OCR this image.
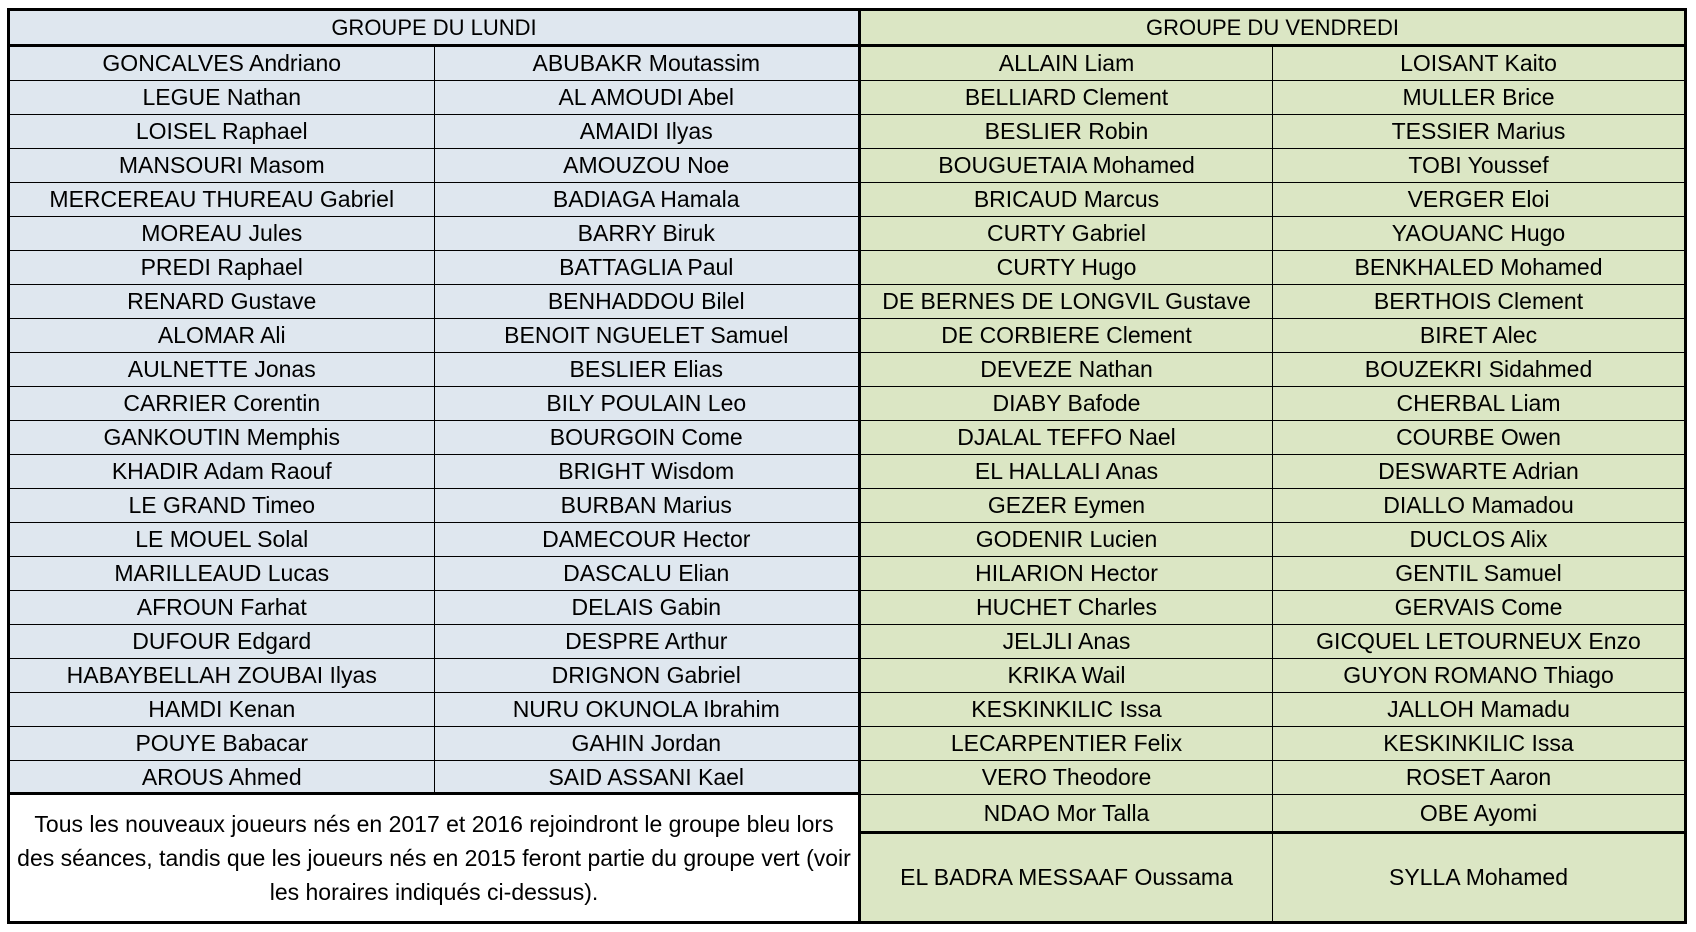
GROUPE DU LUNDI
GONCALVES Andriano	ABUBAKR Moutassim
LEGUE Nathan	AL AMOUDI Abel
LOISEL Raphael	AMAIDI Ilyas
MANSOURI Masom	AMOUZOU Noe
MERCEREAU THUREAU Gabriel	BADIAGA Hamala
MOREAU Jules	BARRY Biruk
PREDI Raphael	BATTAGLIA Paul
RENARD Gustave	BENHADDOU Bilel
ALOMAR Ali	BENOIT NGUELET Samuel
AULNETTE Jonas	BESLIER Elias
CARRIER Corentin	BILY POULAIN Leo
GANKOUTIN Memphis	BOURGOIN Come
KHADIR Adam Raouf	BRIGHT Wisdom
LE GRAND Timeo	BURBAN Marius
LE MOUEL Solal	DAMECOUR Hector
MARILLEAUD Lucas	DASCALU Elian
AFROUN Farhat	DELAIS Gabin
DUFOUR Edgard	DESPRE Arthur
HABAYBELLAH ZOUBAI Ilyas	DRIGNON Gabriel
HAMDI Kenan	NURU OKUNOLA Ibrahim
POUYE Babacar	GAHIN Jordan
AROUS Ahmed	SAID ASSANI Kael
Tous les nouveaux joueurs nés en 2017 et 2016 rejoindront le groupe bleu lors des séances, tandis que les joueurs nés en 2015 feront partie du groupe vert (voir les horaires indiqués ci-dessus).
GROUPE DU VENDREDI
ALLAIN Liam	LOISANT Kaito
BELLIARD Clement	MULLER Brice
BESLIER Robin	TESSIER Marius
BOUGUETAIA Mohamed	TOBI Youssef
BRICAUD Marcus	VERGER Eloi
CURTY Gabriel	YAOUANC Hugo
CURTY Hugo	BENKHALED Mohamed
DE BERNES DE LONGVIL Gustave	BERTHOIS Clement
DE CORBIERE Clement	BIRET Alec
DEVEZE Nathan	BOUZEKRI Sidahmed
DIABY Bafode	CHERBAL Liam
DJALAL TEFFO Nael	COURBE Owen
EL HALLALI Anas	DESWARTE Adrian
GEZER Eymen	DIALLO Mamadou
GODENIR Lucien	DUCLOS Alix
HILARION Hector	GENTIL Samuel
HUCHET Charles	GERVAIS Come
JELJLI Anas	GICQUEL LETOURNEUX Enzo
KRIKA Wail	GUYON ROMANO Thiago
KESKINKILIC Issa	JALLOH Mamadu
LECARPENTIER Felix	KESKINKILIC Issa
VERO Theodore	ROSET Aaron
NDAO Mor Talla	OBE Ayomi
EL BADRA MESSAAF Oussama	SYLLA Mohamed
